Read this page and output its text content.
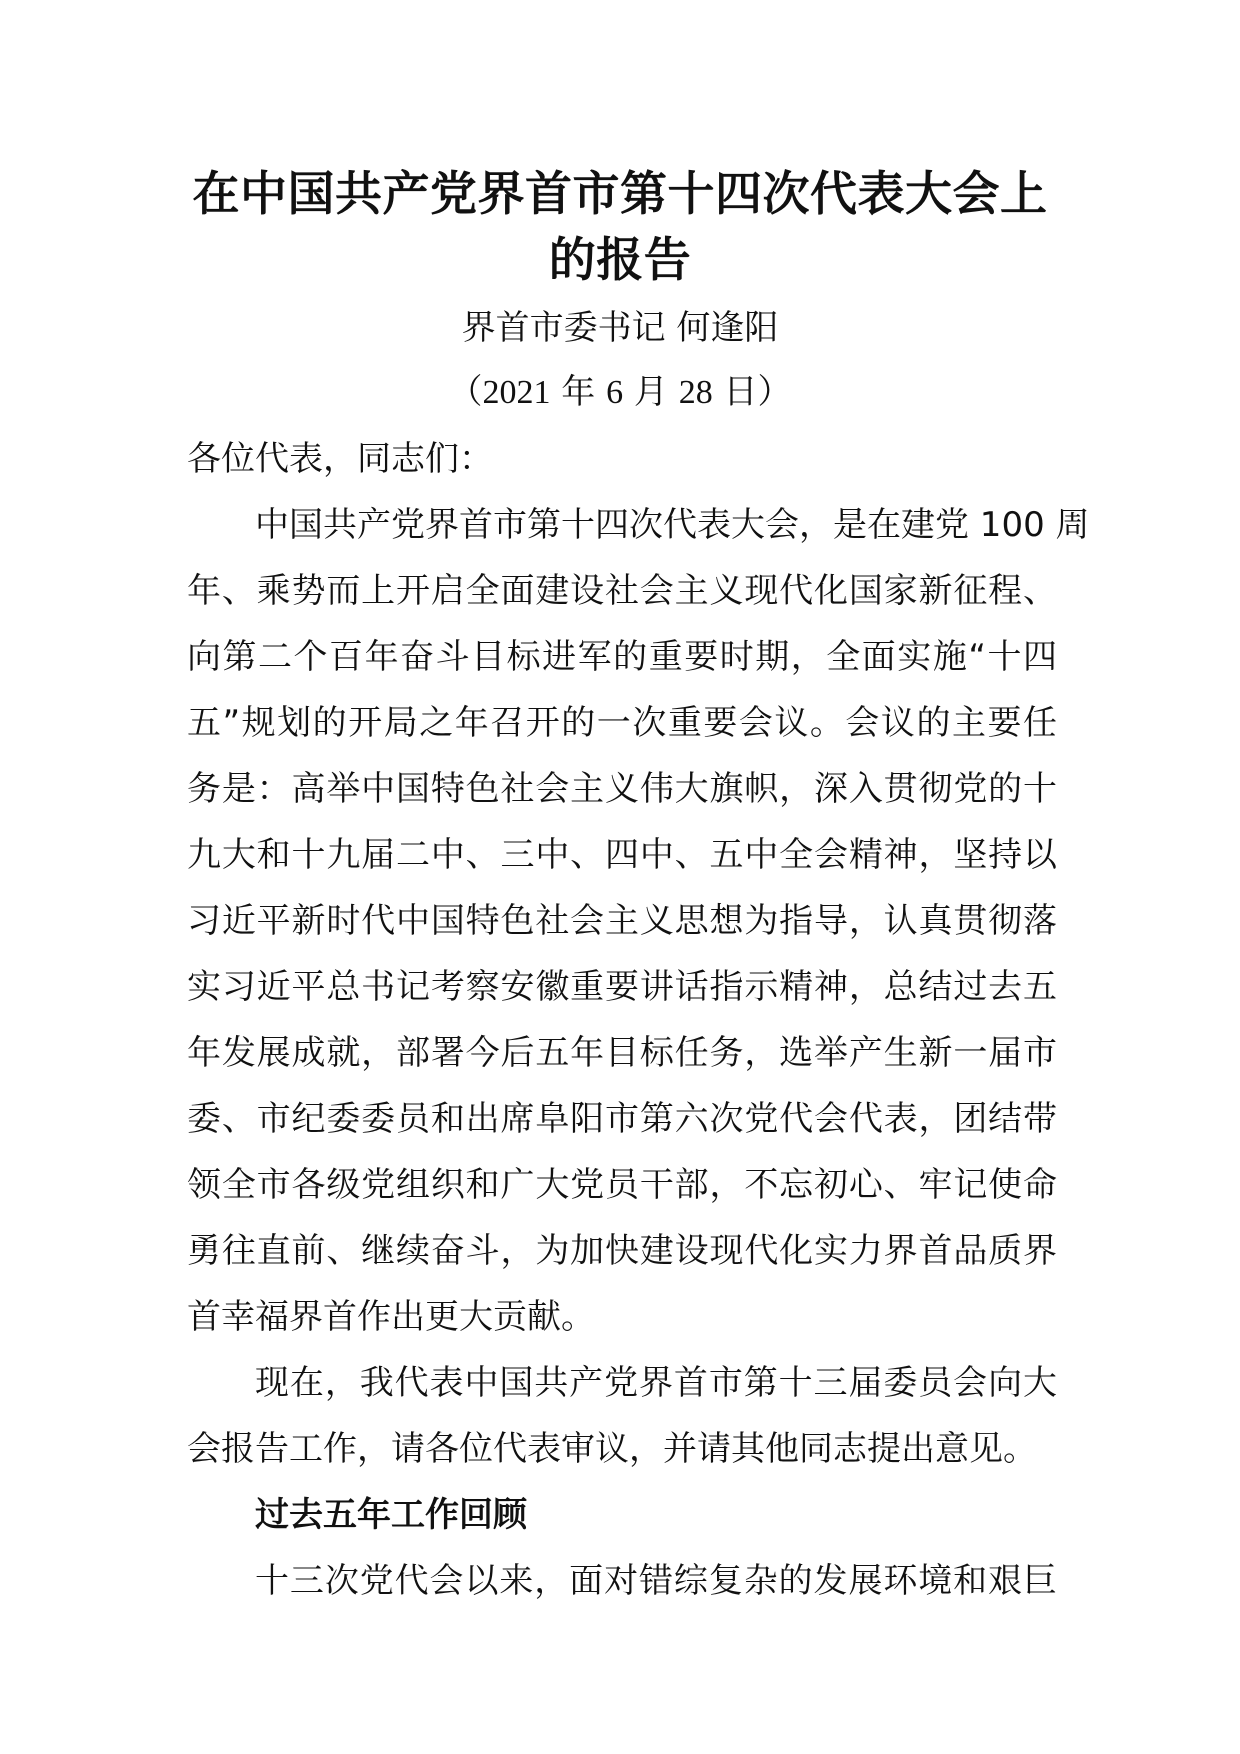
在中国共产党界首市第十四次代表大会上
的报告
界首市委书记 何逢阳
（2021 年 6 月 28 日）
各位代表，同志们：
中国共产党界首市第十四次代表大会，是在建党 100 周
年、乘势而上开启全面建设社会主义现代化国家新征程、
向第二个百年奋斗目标进军的重要时期，全面实施“十四
五”规划的开局之年召开的一次重要会议。会议的主要任
务是：高举中国特色社会主义伟大旗帜，深入贯彻党的十
九大和十九届二中、三中、四中、五中全会精神，坚持以
习近平新时代中国特色社会主义思想为指导，认真贯彻落
实习近平总书记考察安徽重要讲话指示精神，总结过去五
年发展成就，部署今后五年目标任务，选举产生新一届市
委、市纪委委员和出席阜阳市第六次党代会代表，团结带
领全市各级党组织和广大党员干部，不忘初心、牢记使命
勇往直前、继续奋斗，为加快建设现代化实力界首品质界
首幸福界首作出更大贡献。
现在，我代表中国共产党界首市第十三届委员会向大
会报告工作，请各位代表审议，并请其他同志提出意见。
过去五年工作回顾
十三次党代会以来，面对错综复杂的发展环境和艰巨
